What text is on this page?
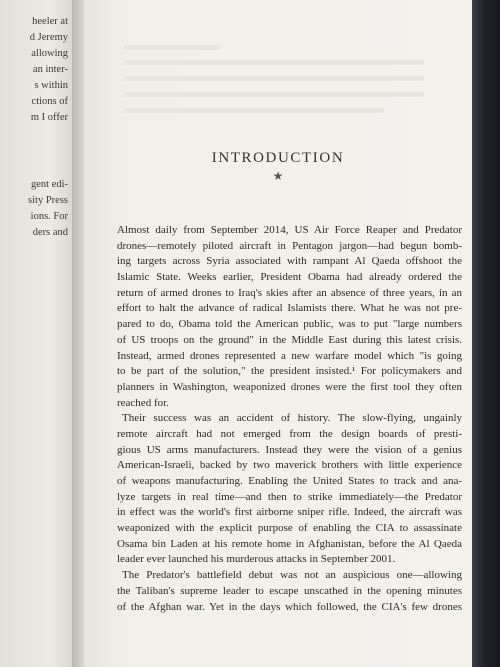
heeler at
d Jeremy
allowing
an inter-
s within
ctions of
m I offer
gent edi-
sity Press
ions. For
ders and
INTRODUCTION
★
Almost daily from September 2014, US Air Force Reaper and Predator
drones—remotely piloted aircraft in Pentagon jargon—had begun bomb-
ing targets across Syria associated with rampant Al Qaeda offshoot the
Islamic State. Weeks earlier, President Obama had already ordered the
return of armed drones to Iraq's skies after an absence of three years, in an
effort to halt the advance of radical Islamists there. What he was not pre-
pared to do, Obama told the American public, was to put "large numbers
of US troops on the ground" in the Middle East during this latest crisis.
Instead, armed drones represented a new warfare model which "is going
to be part of the solution," the president insisted.¹ For policymakers and
planners in Washington, weaponized drones were the first tool they often
reached for.
Their success was an accident of history. The slow-flying, ungainly
remote aircraft had not emerged from the design boards of presti-
gious US arms manufacturers. Instead they were the vision of a genius
American-Israeli, backed by two maverick brothers with little experience
of weapons manufacturing. Enabling the United States to track and ana-
lyze targets in real time—and then to strike immediately—the Predator
in effect was the world's first airborne sniper rifle. Indeed, the aircraft was
weaponized with the explicit purpose of enabling the CIA to assassinate
Osama bin Laden at his remote home in Afghanistan, before the Al Qaeda
leader ever launched his murderous attacks in September 2001.
The Predator's battlefield debut was not an auspicious one—allowing
the Taliban's supreme leader to escape unscathed in the opening minutes
of the Afghan war. Yet in the days which followed, the CIA's few drones
